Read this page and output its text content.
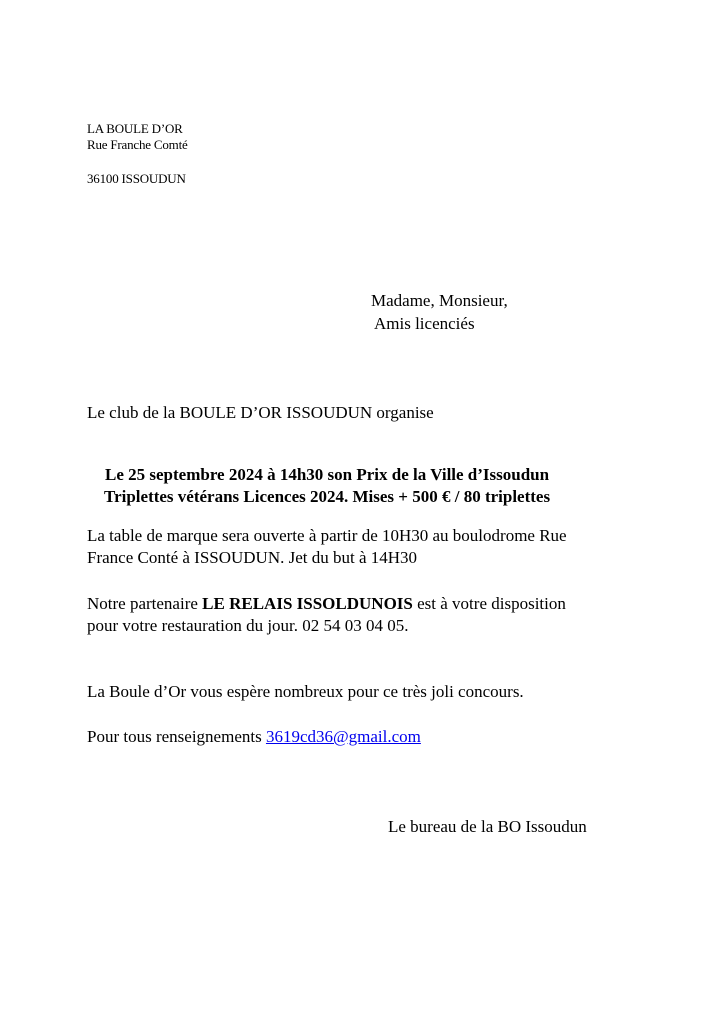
LA BOULE D’OR

Rue Franche Comté

36100 ISSOUDUN

Madame, Monsieur,

Amis licenciés

Le club de la BOULE D’OR ISSOUDUN organise

Le 25 septembre 2024 à 14h30 son Prix de la Ville d’Issoudun

Triplettes vétérans Licences 2024. Mises + 500 € / 80 triplettes

La table de marque sera ouverte à partir de 10H30 au boulodrome Rue

France Conté à ISSOUDUN. Jet du but à 14H30

Notre partenaire LE RELAIS ISSOLDUNOIS est à votre disposition

pour votre restauration du jour. 02 54 03 04 05.

La Boule d’Or vous espère nombreux pour ce très joli concours.

Pour tous renseignements 3619cd36@gmail.com

Le bureau de la BO Issoudun
